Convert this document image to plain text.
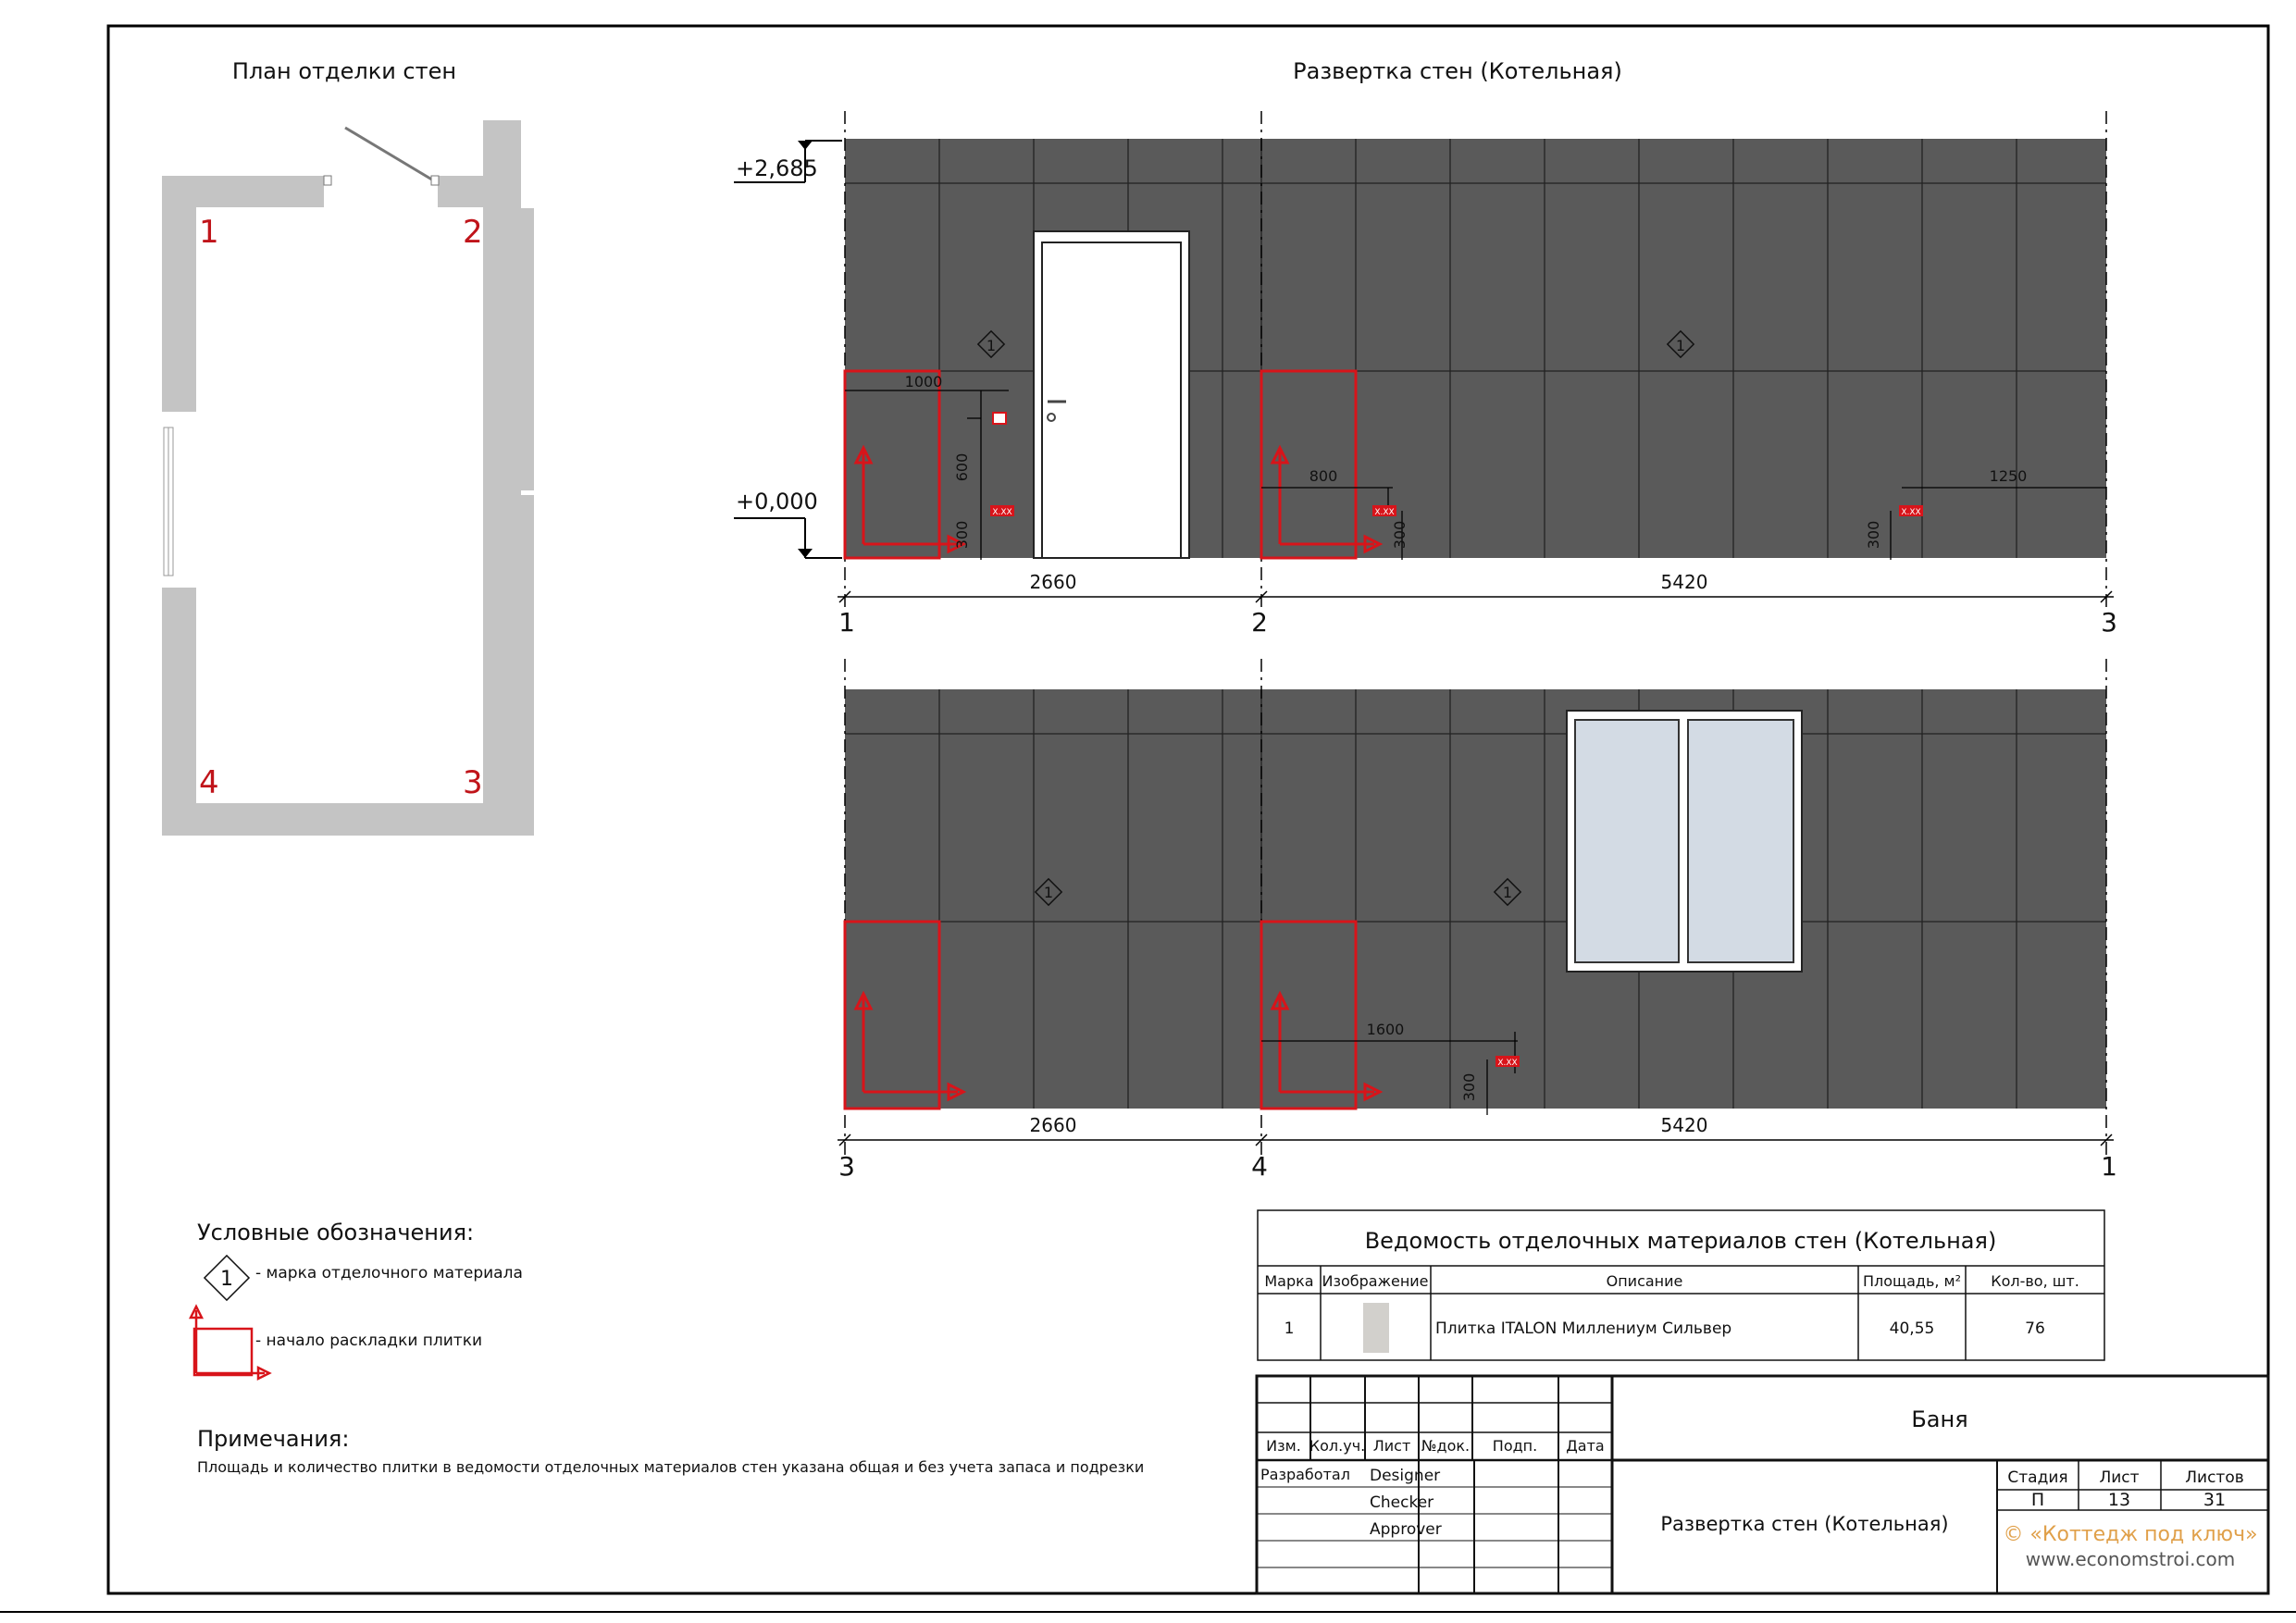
План отделки стен
1	2
3
4
Развертка стен (Котельная)
+2,685
+0,000
1	1
1000
600
300
800
300
1250
300
X.XX	X.XX	X.XX
2660	5420
1	2	3
1	1
1600
300
X.XX
2660	5420
3	4	1
Условные обозначения:
1 - марка отделочного материала
- начало раскладки плитки
Примечания:
Площадь и количество плитки в ведомости отделочных материалов стен указана общая и без учета запаса и подрезки
Ведомость отделочных материалов стен (Котельная)
Марка Изображение	Описание	Площадь, м² Кол-во, шт.
1	Плитка ITALON Миллениум Сильвер	40,55	76
Изм. Кол.уч. Лист №док. Подп. Дата
Разработал Designer
Checker
Approver
Баня
Развертка стен (Котельная)
Стадия Лист	Листов
П	13	31
© «Коттедж под ключ»
www.economstroi.com
